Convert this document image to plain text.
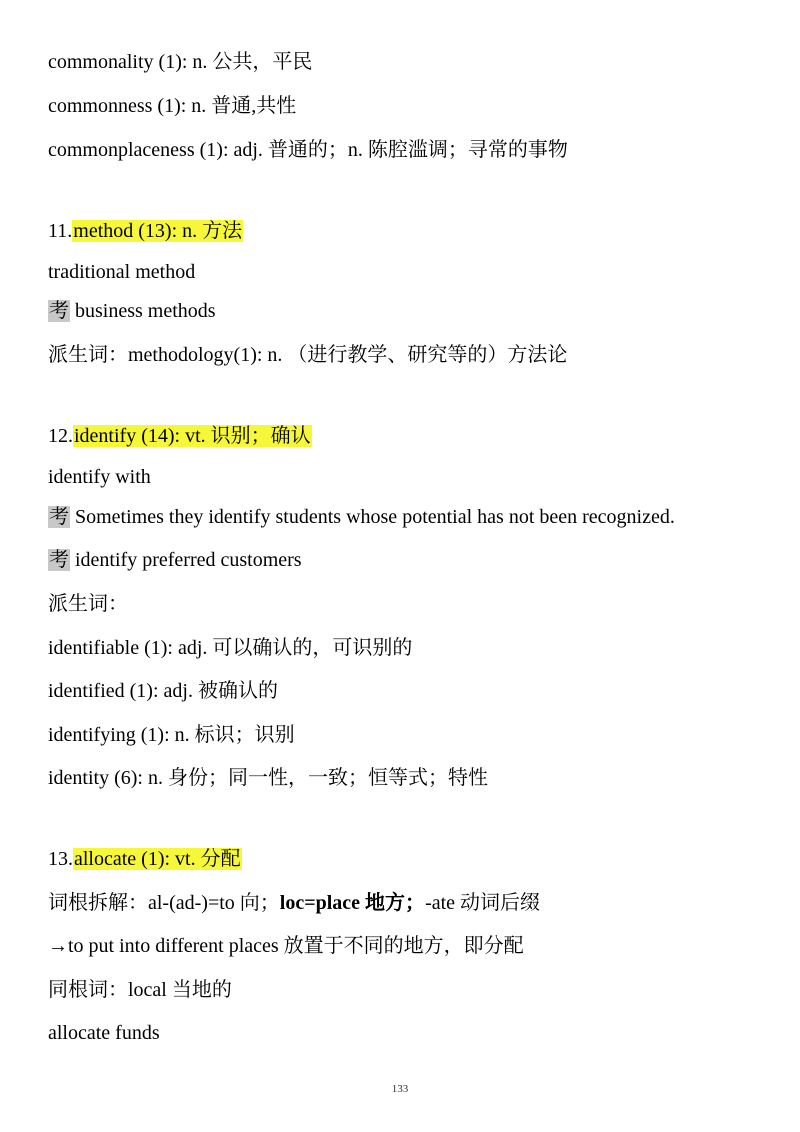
commonality (1): n. 公共，平民
commonness (1): n. 普通,共性
commonplaceness (1): adj. 普通的；n. 陈腔滥调；寻常的事物
11.method (13): n. 方法
traditional method
考 business methods
派生词：methodology(1): n. （进行教学、研究等的）方法论
12.identify (14): vt. 识别；确认
identify with
考 Sometimes they identify students whose potential has not been recognized.
考 identify preferred customers
派生词：
identifiable (1): adj. 可以确认的，可识别的
identified (1): adj. 被确认的
identifying (1): n. 标识；识别
identity (6): n. 身份；同一性，一致；恒等式；特性
13.allocate (1): vt. 分配
词根拆解：al-(ad-)=to 向；loc=place 地方；-ate 动词后缀
→to put into different places 放置于不同的地方，即分配
同根词：local 当地的
allocate funds
133
